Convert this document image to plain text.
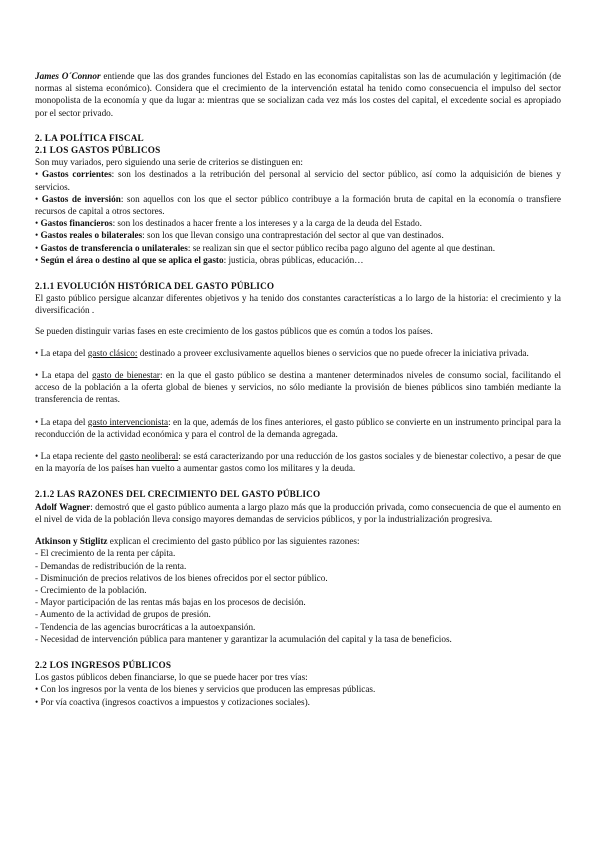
James O´Connor entiende que las dos grandes funciones del Estado en las economías capitalistas son las de acumulación y legitimación (de normas al sistema económico). Considera que el crecimiento de la intervención estatal ha tenido como consecuencia el impulso del sector monopolista de la economía y que da lugar a: mientras que se socializan cada vez más los costes del capital, el excedente social es apropiado por el sector privado.

2. LA POLÍTICA FISCAL

2.1 LOS GASTOS PÚBLICOS

Son muy variados, pero siguiendo una serie de criterios se distinguen en:

• Gastos corrientes: son los destinados a la retribución del personal al servicio del sector público, así como la adquisición de bienes y servicios.

• Gastos de inversión: son aquellos con los que el sector público contribuye a la formación bruta de capital en la economía o transfiere recursos de capital a otros sectores.

• Gastos financieros: son los destinados a hacer frente a los intereses y a la carga de la deuda del Estado.

• Gastos reales o bilaterales: son los que llevan consigo una contraprestación del sector al que van destinados.

• Gastos de transferencia o unilaterales: se realizan sin que el sector público reciba pago alguno del agente al que destinan.

• Según el área o destino al que se aplica el gasto: justicia, obras públicas, educación…

2.1.1 EVOLUCIÓN HISTÓRICA DEL GASTO PÚBLICO

El gasto público persigue alcanzar diferentes objetivos y ha tenido dos constantes características a lo largo de la historia: el crecimiento y la diversificación .

Se pueden distinguir varias fases en este crecimiento de los gastos públicos que es común a todos los países.

• La etapa del gasto clásico: destinado a proveer exclusivamente aquellos bienes o servicios que no puede ofrecer la iniciativa privada.

• La etapa del gasto de bienestar: en la que el gasto público se destina a mantener determinados niveles de consumo social, facilitando el acceso de la población a la oferta global de bienes y servicios, no sólo mediante la provisión de bienes públicos sino también mediante la transferencia de rentas.

• La etapa del gasto intervencionista: en la que, además de los fines anteriores, el gasto público se convierte en un instrumento principal para la reconducción de la actividad económica y para el control de la demanda agregada.

• La etapa reciente del gasto neoliberal: se está caracterizando por una reducción de los gastos sociales y de bienestar colectivo, a pesar de que en la mayoría de los países han vuelto a aumentar gastos como los militares y la deuda.

2.1.2 LAS RAZONES DEL CRECIMIENTO DEL GASTO PÚBLICO

Adolf Wagner: demostró que el gasto público aumenta a largo plazo más que la producción privada, como consecuencia de que el aumento en el nivel de vida de la población lleva consigo mayores demandas de servicios públicos, y por la industrialización progresiva.

Atkinson y Stiglitz explican el crecimiento del gasto público por las siguientes razones:

- El crecimiento de la renta per cápita.

- Demandas de redistribución de la renta.

- Disminución de precios relativos de los bienes ofrecidos por el sector público.

- Crecimiento de la población.

- Mayor participación de las rentas más bajas en los procesos de decisión.

- Aumento de la actividad de grupos de presión.

- Tendencia de las agencias burocráticas a la autoexpansión.

- Necesidad de intervención pública para mantener y garantizar la acumulación del capital y la tasa de beneficios.

2.2 LOS INGRESOS PÚBLICOS

Los gastos públicos deben financiarse, lo que se puede hacer por tres vías:

• Con los ingresos por la venta de los bienes y servicios que producen las empresas públicas.

• Por vía coactiva (ingresos coactivos a impuestos y cotizaciones sociales).
